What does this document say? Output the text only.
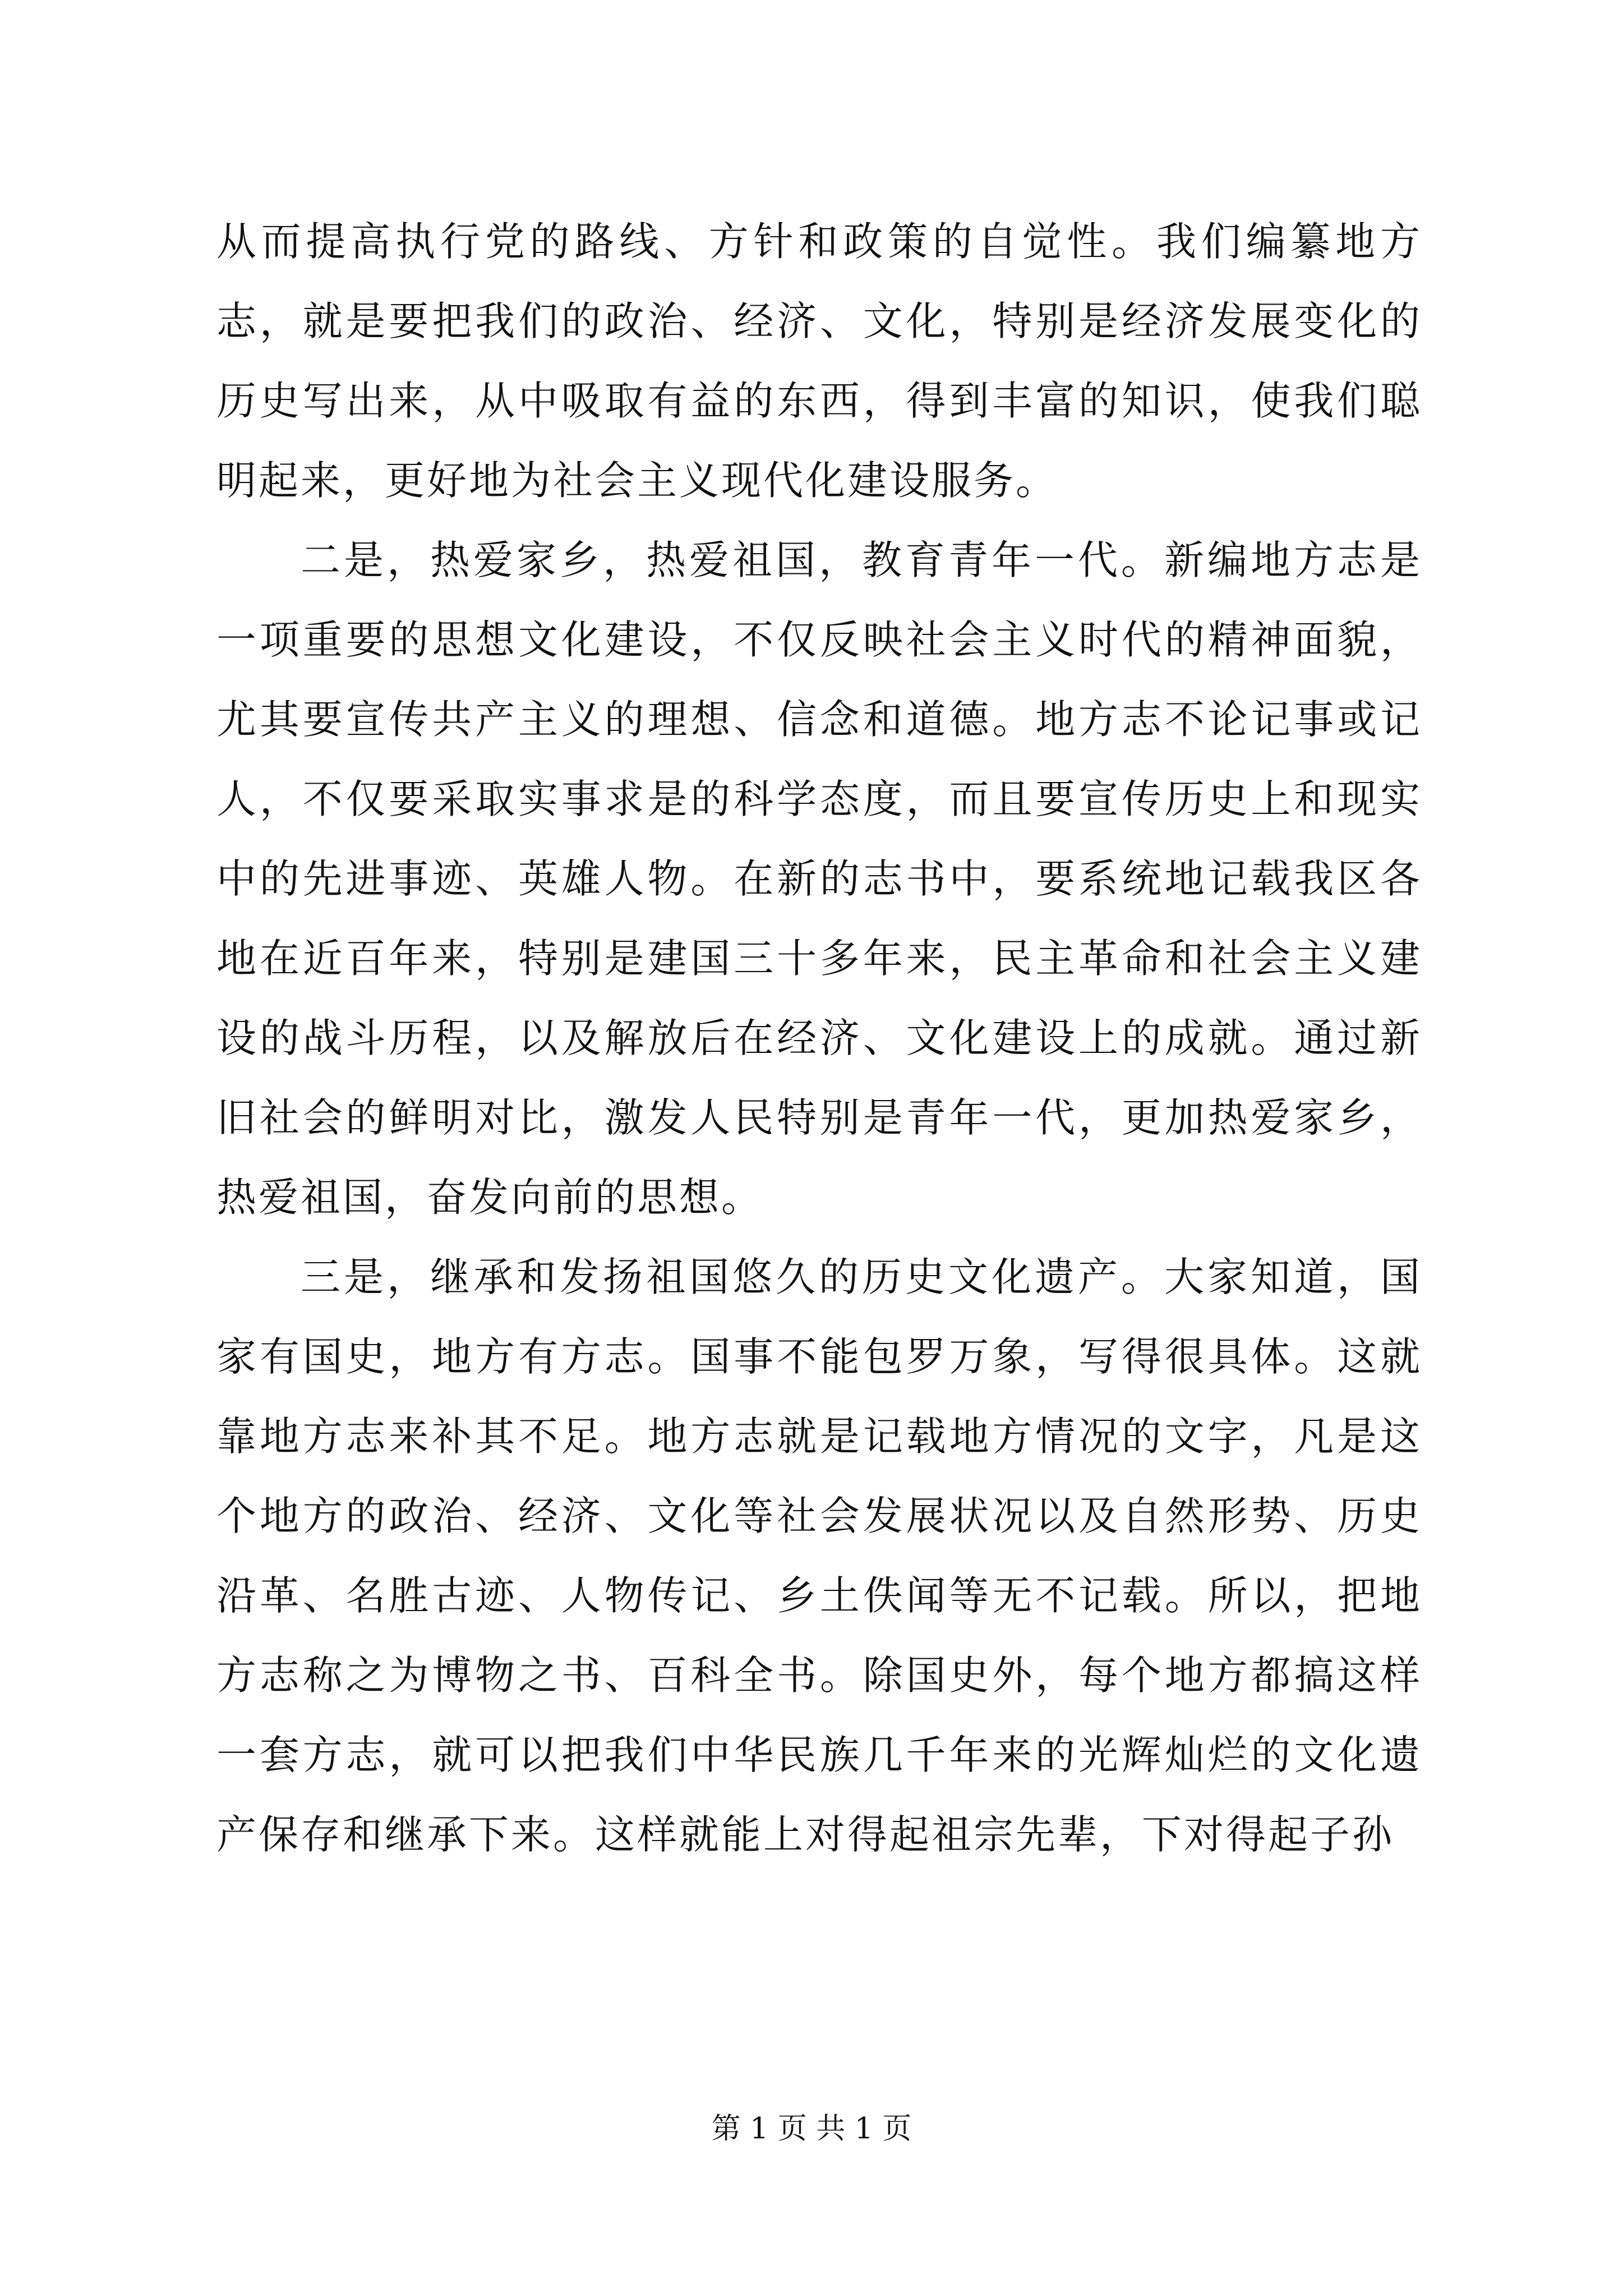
从而提高执行党的路线、方针和政策的自觉性。我们编纂地方志，就是要把我们的政治、经济、文化，特别是经济发展变化的历史写出来，从中吸取有益的东西，得到丰富的知识，使我们聪明起来，更好地为社会主义现代化建设服务。

二是，热爱家乡，热爱祖国，教育青年一代。新编地方志是一项重要的思想文化建设，不仅反映社会主义时代的精神面貌，尤其要宣传共产主义的理想、信念和道德。地方志不论记事或记人，不仅要采取实事求是的科学态度，而且要宣传历史上和现实中的先进事迹、英雄人物。在新的志书中，要系统地记载我区各地在近百年来，特别是建国三十多年来，民主革命和社会主义建设的战斗历程，以及解放后在经济、文化建设上的成就。通过新旧社会的鲜明对比，激发人民特别是青年一代，更加热爱家乡，热爱祖国，奋发向前的思想。

三是，继承和发扬祖国悠久的历史文化遗产。大家知道，国家有国史，地方有方志。国事不能包罗万象，写得很具体。这就靠地方志来补其不足。地方志就是记载地方情况的文字，凡是这个地方的政治、经济、文化等社会发展状况以及自然形势、历史沿革、名胜古迹、人物传记、乡土佚闻等无不记载。所以，把地方志称之为博物之书、百科全书。除国史外，每个地方都搞这样一套方志，就可以把我们中华民族几千年来的光辉灿烂的文化遗产保存和继承下来。这样就能上对得起祖宗先辈，下对得起子孙

第 1 页 共 1 页
